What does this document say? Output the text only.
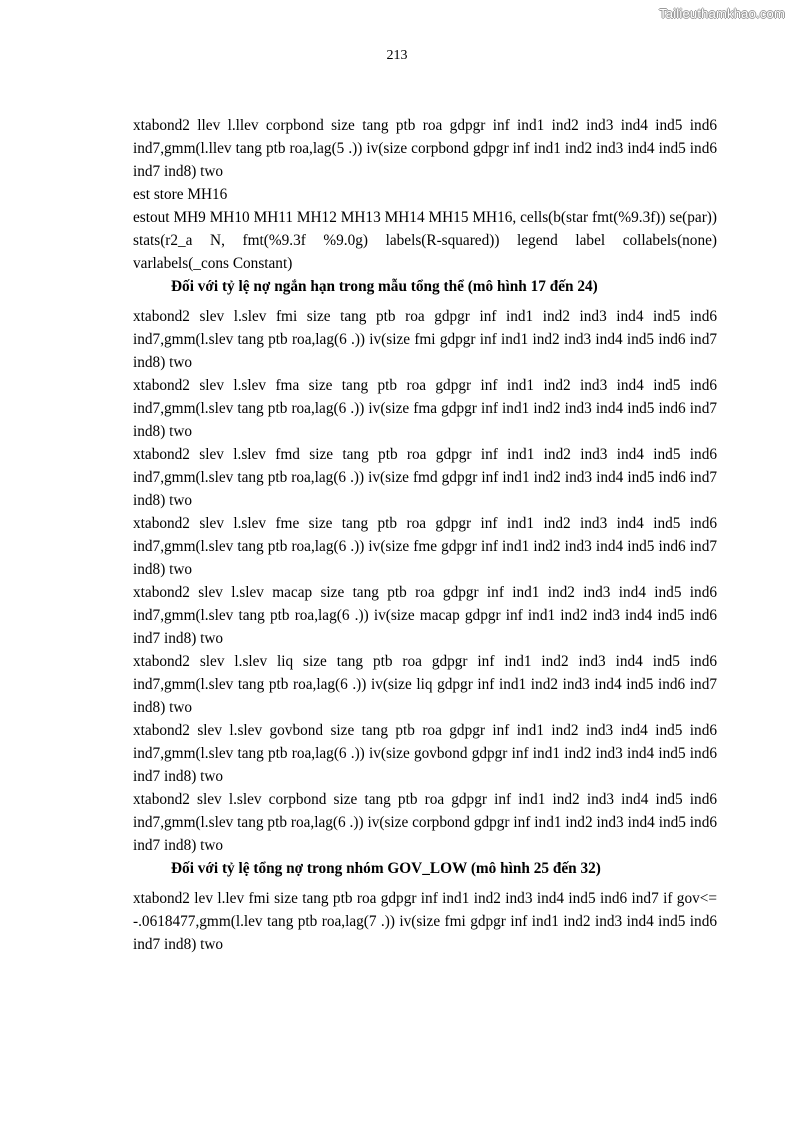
Tailieuthamkhao.com
213

xtabond2 llev l.llev corpbond size tang ptb roa gdpgr inf ind1 ind2 ind3 ind4 ind5 ind6 ind7,gmm(l.llev tang ptb roa,lag(5 .)) iv(size corpbond gdpgr inf ind1 ind2 ind3 ind4 ind5 ind6 ind7 ind8) two

est store MH16

estout MH9 MH10 MH11 MH12 MH13 MH14 MH15 MH16, cells(b(star fmt(%9.3f)) se(par)) stats(r2_a N, fmt(%9.3f %9.0g) labels(R-squared)) legend label collabels(none) varlabels(_cons Constant)

Đối với tỷ lệ nợ ngắn hạn trong mẫu tổng thể (mô hình 17 đến 24)

xtabond2 slev l.slev fmi size tang ptb roa gdpgr inf ind1 ind2 ind3 ind4 ind5 ind6 ind7,gmm(l.slev tang ptb roa,lag(6 .)) iv(size fmi gdpgr inf ind1 ind2 ind3 ind4 ind5 ind6 ind7 ind8) two

xtabond2 slev l.slev fma size tang ptb roa gdpgr inf ind1 ind2 ind3 ind4 ind5 ind6 ind7,gmm(l.slev tang ptb roa,lag(6 .)) iv(size fma gdpgr inf ind1 ind2 ind3 ind4 ind5 ind6 ind7 ind8) two

xtabond2 slev l.slev fmd size tang ptb roa gdpgr inf ind1 ind2 ind3 ind4 ind5 ind6 ind7,gmm(l.slev tang ptb roa,lag(6 .)) iv(size fmd gdpgr inf ind1 ind2 ind3 ind4 ind5 ind6 ind7 ind8) two

xtabond2 slev l.slev fme size tang ptb roa gdpgr inf ind1 ind2 ind3 ind4 ind5 ind6 ind7,gmm(l.slev tang ptb roa,lag(6 .)) iv(size fme gdpgr inf ind1 ind2 ind3 ind4 ind5 ind6 ind7 ind8) two

xtabond2 slev l.slev macap size tang ptb roa gdpgr inf ind1 ind2 ind3 ind4 ind5 ind6 ind7,gmm(l.slev tang ptb roa,lag(6 .)) iv(size macap gdpgr inf ind1 ind2 ind3 ind4 ind5 ind6 ind7 ind8) two

xtabond2 slev l.slev liq size tang ptb roa gdpgr inf ind1 ind2 ind3 ind4 ind5 ind6 ind7,gmm(l.slev tang ptb roa,lag(6 .)) iv(size liq gdpgr inf ind1 ind2 ind3 ind4 ind5 ind6 ind7 ind8) two

xtabond2 slev l.slev govbond size tang ptb roa gdpgr inf ind1 ind2 ind3 ind4 ind5 ind6 ind7,gmm(l.slev tang ptb roa,lag(6 .)) iv(size govbond gdpgr inf ind1 ind2 ind3 ind4 ind5 ind6 ind7 ind8) two

xtabond2 slev l.slev corpbond size tang ptb roa gdpgr inf ind1 ind2 ind3 ind4 ind5 ind6 ind7,gmm(l.slev tang ptb roa,lag(6 .)) iv(size corpbond gdpgr inf ind1 ind2 ind3 ind4 ind5 ind6 ind7 ind8) two

Đối với tỷ lệ tổng nợ trong nhóm GOV_LOW (mô hình 25 đến 32)

xtabond2 lev l.lev fmi size tang ptb roa gdpgr inf ind1 ind2 ind3 ind4 ind5 ind6 ind7 if gov<= -.0618477,gmm(l.lev tang ptb roa,lag(7 .)) iv(size fmi gdpgr inf ind1 ind2 ind3 ind4 ind5 ind6 ind7 ind8) two
